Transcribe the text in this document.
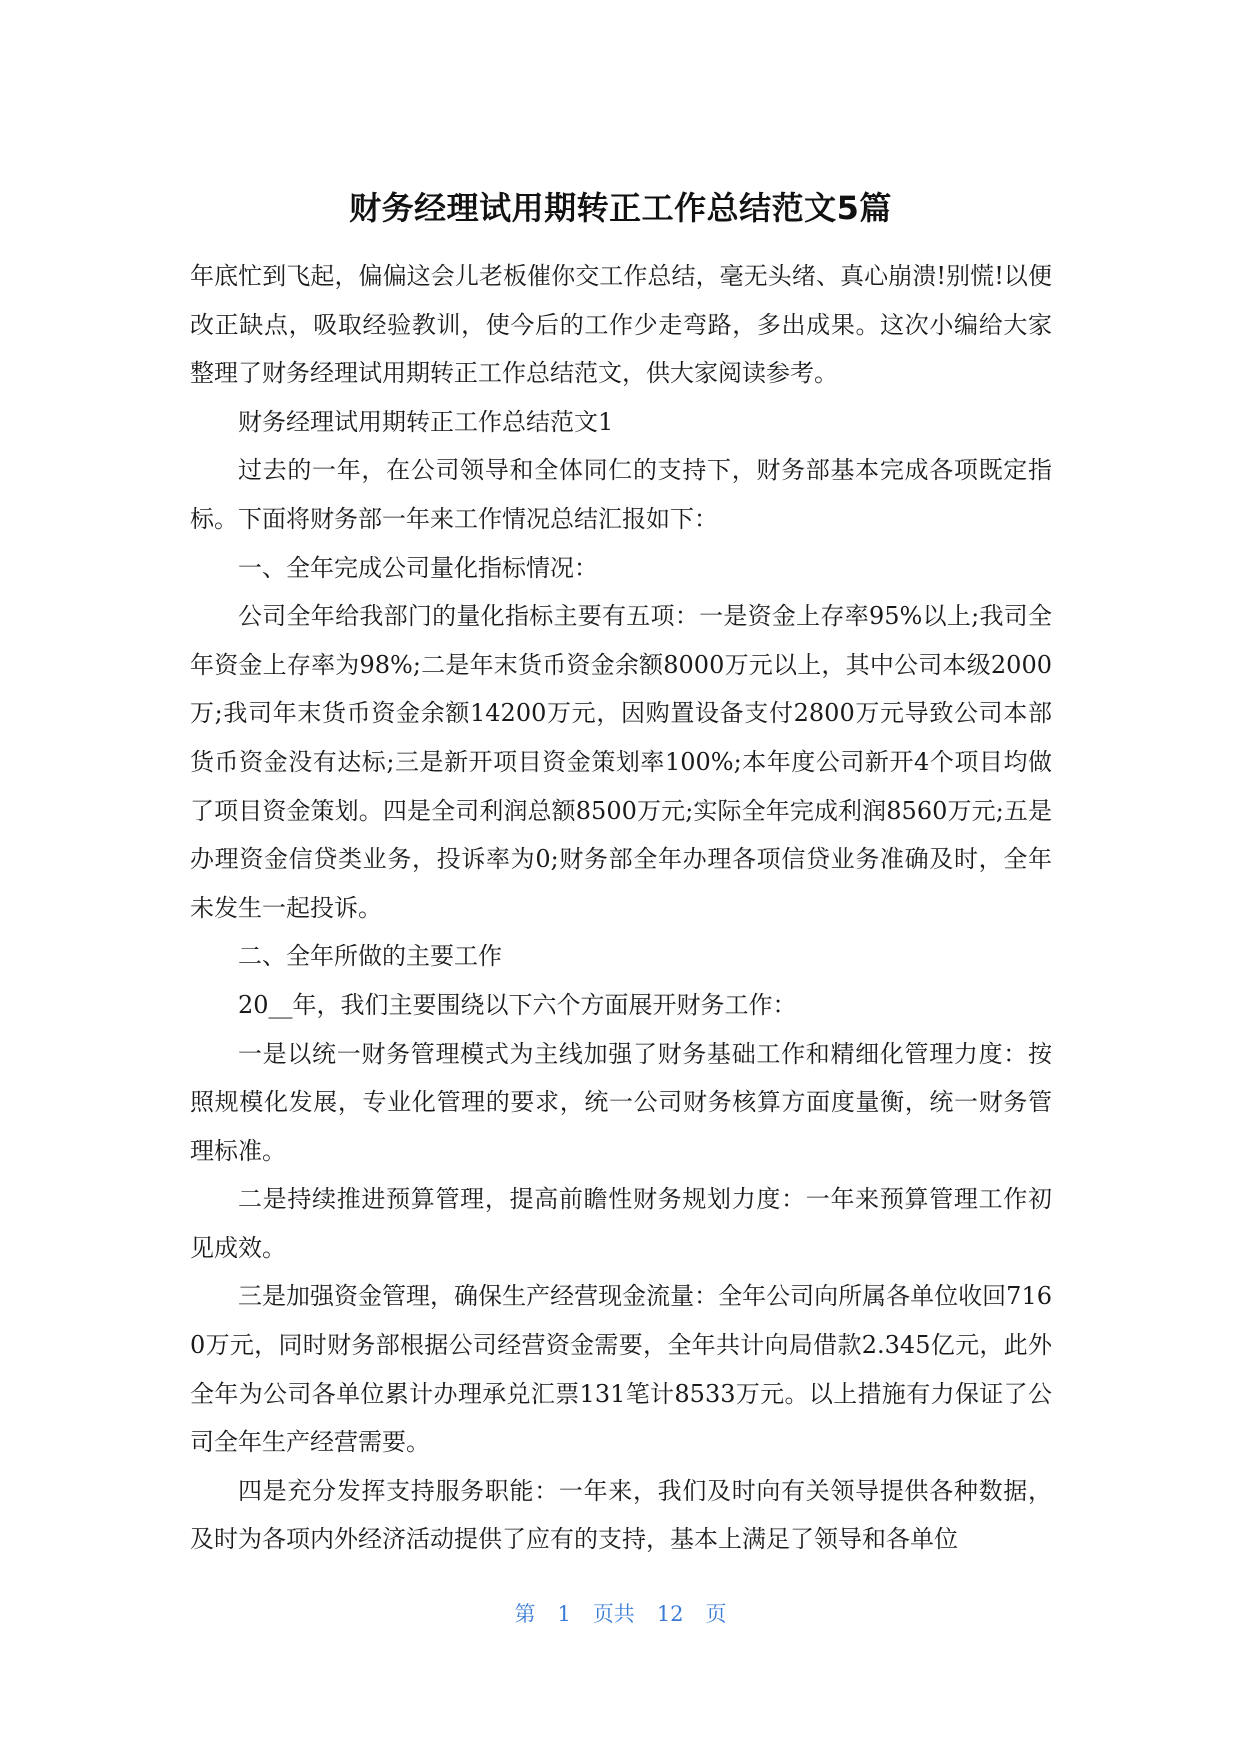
财务经理试用期转正工作总结范文5篇

年底忙到飞起，偏偏这会儿老板催你交工作总结，毫无头绪、真心崩溃!别慌!以便改正缺点，吸取经验教训，使今后的工作少走弯路，多出成果。这次小编给大家整理了财务经理试用期转正工作总结范文，供大家阅读参考。

财务经理试用期转正工作总结范文1

过去的一年，在公司领导和全体同仁的支持下，财务部基本完成各项既定指标。下面将财务部一年来工作情况总结汇报如下：

一、全年完成公司量化指标情况：

公司全年给我部门的量化指标主要有五项：一是资金上存率95%以上;我司全年资金上存率为98%;二是年末货币资金余额8000万元以上，其中公司本级2000万;我司年末货币资金余额14200万元，因购置设备支付2800万元导致公司本部货币资金没有达标;三是新开项目资金策划率100%;本年度公司新开4个项目均做了项目资金策划。四是全司利润总额8500万元;实际全年完成利润8560万元;五是办理资金信贷类业务，投诉率为0;财务部全年办理各项信贷业务准确及时，全年未发生一起投诉。

二、全年所做的主要工作

20__年，我们主要围绕以下六个方面展开财务工作：

一是以统一财务管理模式为主线加强了财务基础工作和精细化管理力度：按照规模化发展，专业化管理的要求，统一公司财务核算方面度量衡，统一财务管理标准。

二是持续推进预算管理，提高前瞻性财务规划力度：一年来预算管理工作初见成效。

三是加强资金管理，确保生产经营现金流量：全年公司向所属各单位收回7160万元，同时财务部根据公司经营资金需要，全年共计向局借款2.345亿元，此外全年为公司各单位累计办理承兑汇票131笔计8533万元。以上措施有力保证了公司全年生产经营需要。

四是充分发挥支持服务职能：一年来，我们及时向有关领导提供各种数据，及时为各项内外经济活动提供了应有的支持，基本上满足了领导和各单位

第 1 页共 12 页
